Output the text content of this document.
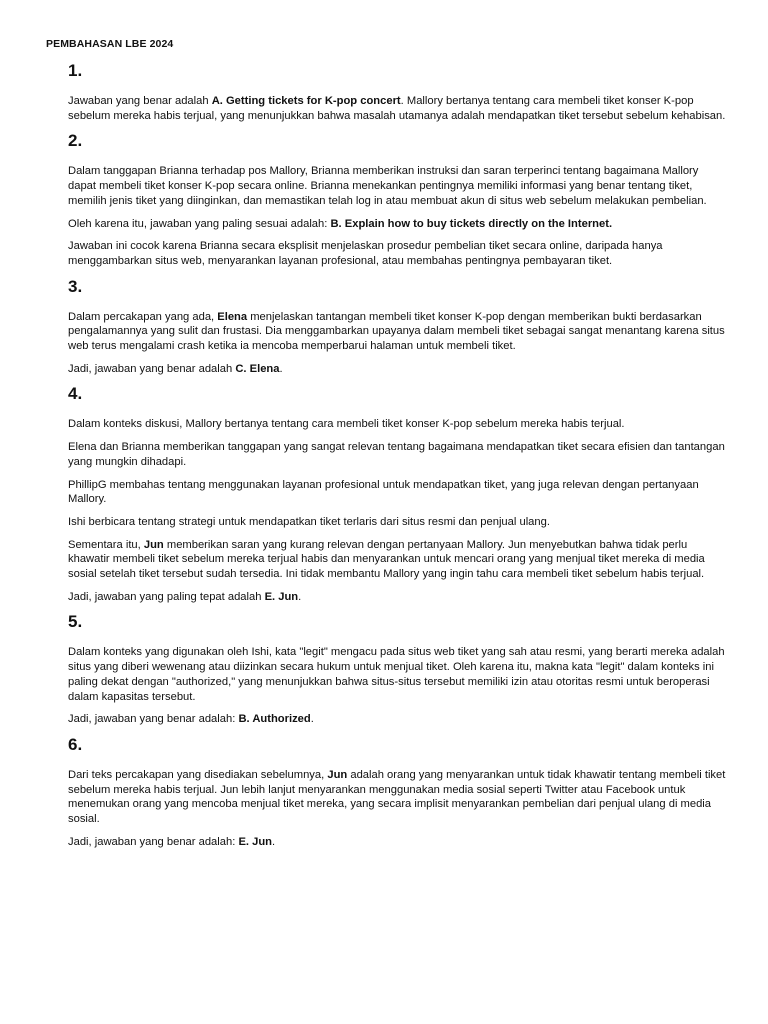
PEMBAHASAN LBE 2024
1.

Jawaban yang benar adalah A. Getting tickets for K-pop concert. Mallory bertanya tentang cara membeli tiket konser K-pop sebelum mereka habis terjual, yang menunjukkan bahwa masalah utamanya adalah mendapatkan tiket tersebut sebelum kehabisan.

2.

Dalam tanggapan Brianna terhadap pos Mallory, Brianna memberikan instruksi dan saran terperinci tentang bagaimana Mallory dapat membeli tiket konser K-pop secara online. Brianna menekankan pentingnya memiliki informasi yang benar tentang tiket, memilih jenis tiket yang diinginkan, dan memastikan telah log in atau membuat akun di situs web sebelum melakukan pembelian.

Oleh karena itu, jawaban yang paling sesuai adalah: B. Explain how to buy tickets directly on the Internet.

Jawaban ini cocok karena Brianna secara eksplisit menjelaskan prosedur pembelian tiket secara online, daripada hanya menggambarkan situs web, menyarankan layanan profesional, atau membahas pentingnya pembayaran tiket.

3.

Dalam percakapan yang ada, Elena menjelaskan tantangan membeli tiket konser K-pop dengan memberikan bukti berdasarkan pengalamannya yang sulit dan frustasi. Dia menggambarkan upayanya dalam membeli tiket sebagai sangat menantang karena situs web terus mengalami crash ketika ia mencoba memperbarui halaman untuk membeli tiket.

Jadi, jawaban yang benar adalah C. Elena.

4.

Dalam konteks diskusi, Mallory bertanya tentang cara membeli tiket konser K-pop sebelum mereka habis terjual.

Elena dan Brianna memberikan tanggapan yang sangat relevan tentang bagaimana mendapatkan tiket secara efisien dan tantangan yang mungkin dihadapi.

PhillipG membahas tentang menggunakan layanan profesional untuk mendapatkan tiket, yang juga relevan dengan pertanyaan Mallory.

Ishi berbicara tentang strategi untuk mendapatkan tiket terlaris dari situs resmi dan penjual ulang.

Sementara itu, Jun memberikan saran yang kurang relevan dengan pertanyaan Mallory. Jun menyebutkan bahwa tidak perlu khawatir membeli tiket sebelum mereka terjual habis dan menyarankan untuk mencari orang yang menjual tiket mereka di media sosial setelah tiket tersebut sudah tersedia. Ini tidak membantu Mallory yang ingin tahu cara membeli tiket sebelum habis terjual.

Jadi, jawaban yang paling tepat adalah E. Jun.

5.

Dalam konteks yang digunakan oleh Ishi, kata "legit" mengacu pada situs web tiket yang sah atau resmi, yang berarti mereka adalah situs yang diberi wewenang atau diizinkan secara hukum untuk menjual tiket. Oleh karena itu, makna kata "legit" dalam konteks ini paling dekat dengan "authorized," yang menunjukkan bahwa situs-situs tersebut memiliki izin atau otoritas resmi untuk beroperasi dalam kapasitas tersebut.

Jadi, jawaban yang benar adalah: B. Authorized.

6.

Dari teks percakapan yang disediakan sebelumnya, Jun adalah orang yang menyarankan untuk tidak khawatir tentang membeli tiket sebelum mereka habis terjual. Jun lebih lanjut menyarankan menggunakan media sosial seperti Twitter atau Facebook untuk menemukan orang yang mencoba menjual tiket mereka, yang secara implisit menyarankan pembelian dari penjual ulang di media sosial.

Jadi, jawaban yang benar adalah: E. Jun.
